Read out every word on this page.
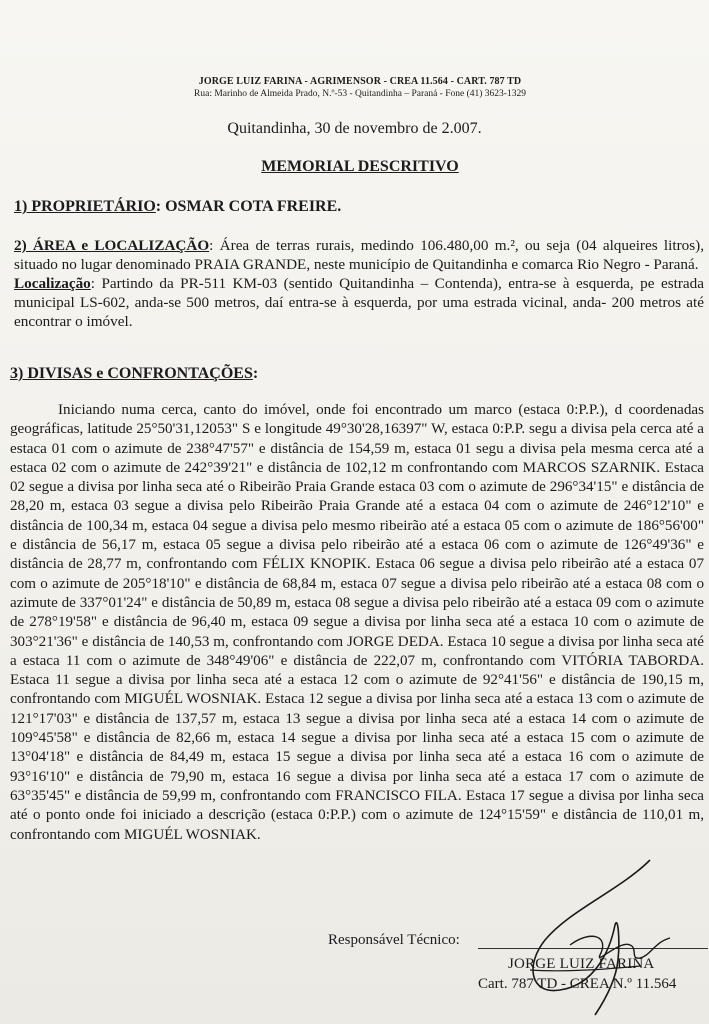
JORGE LUIZ FARINA - AGRIMENSOR - CREA 11.564 - CART. 787 TD
Rua: Marinho de Almeida Prado, N.º-53 - Quitandinha – Paraná - Fone (41) 3623-1329
Quitandinha, 30 de novembro de 2.007.
MEMORIAL DESCRITIVO
1) PROPRIETÁRIO: OSMAR COTA FREIRE.
2) ÁREA e LOCALIZAÇÃO: Área de terras rurais, medindo 106.480,00 m.², ou seja (04 alqueires litros), situado no lugar denominado PRAIA GRANDE, neste município de Quitandinha e comarca Rio Negro - Paraná.
Localização: Partindo da PR-511 KM-03 (sentido Quitandinha – Contenda), entra-se à esquerda, pe estrada municipal LS-602, anda-se 500 metros, daí entra-se à esquerda, por uma estrada vicinal, anda- 200 metros até encontrar o imóvel.
3) DIVISAS e CONFRONTAÇÕES:
Iniciando numa cerca, canto do imóvel, onde foi encontrado um marco (estaca 0:P.P.), d coordenadas geográficas, latitude 25°50'31,12053" S e longitude 49°30'28,16397" W, estaca 0:P.P. segu a divisa pela cerca até a estaca 01 com o azimute de 238°47'57" e distância de 154,59 m, estaca 01 segu a divisa pela mesma cerca até a estaca 02 com o azimute de 242°39'21" e distância de 102,12 m confrontando com MARCOS SZARNIK. Estaca 02 segue a divisa por linha seca até o Ribeirão Praia Grande estaca 03 com o azimute de 296°34'15" e distância de 28,20 m, estaca 03 segue a divisa pelo Ribeirão Praia Grande até a estaca 04 com o azimute de 246°12'10" e distância de 100,34 m, estaca 04 segue a divisa pelo mesmo ribeirão até a estaca 05 com o azimute de 186°56'00" e distância de 56,17 m, estaca 05 segue a divisa pelo ribeirão até a estaca 06 com o azimute de 126°49'36" e distância de 28,77 m, confrontando com FÉLIX KNOPIK. Estaca 06 segue a divisa pelo ribeirão até a estaca 07 com o azimute de 205°18'10" e distância de 68,84 m, estaca 07 segue a divisa pelo ribeirão até a estaca 08 com o azimute de 337°01'24" e distância de 50,89 m, estaca 08 segue a divisa pelo ribeirão até a estaca 09 com o azimute de 278°19'58" e distância de 96,40 m, estaca 09 segue a divisa por linha seca até a estaca 10 com o azimute de 303°21'36" e distância de 140,53 m, confrontando com JORGE DEDA. Estaca 10 segue a divisa por linha seca até a estaca 11 com o azimute de 348°49'06" e distância de 222,07 m, confrontando com VITÓRIA TABORDA. Estaca 11 segue a divisa por linha seca até a estaca 12 com o azimute de 92°41'56" e distância de 190,15 m, confrontando com MIGUÉL WOSNIAK. Estaca 12 segue a divisa por linha seca até a estaca 13 com o azimute de 121°17'03" e distância de 137,57 m, estaca 13 segue a divisa por linha seca até a estaca 14 com o azimute de 109°45'58" e distância de 82,66 m, estaca 14 segue a divisa por linha seca até a estaca 15 com o azimute de 13°04'18" e distância de 84,49 m, estaca 15 segue a divisa por linha seca até a estaca 16 com o azimute de 93°16'10" e distância de 79,90 m, estaca 16 segue a divisa por linha seca até a estaca 17 com o azimute de 63°35'45" e distância de 59,99 m, confrontando com FRANCISCO FILA. Estaca 17 segue a divisa por linha seca até o ponto onde foi iniciado a descrição (estaca 0:P.P.) com o azimute de 124°15'59" e distância de 110,01 m, confrontando com MIGUÉL WOSNIAK.
Responsável Técnico:
JORGE LUIZ FARINA
Cart. 787 TD - CREA N.º 11.564
